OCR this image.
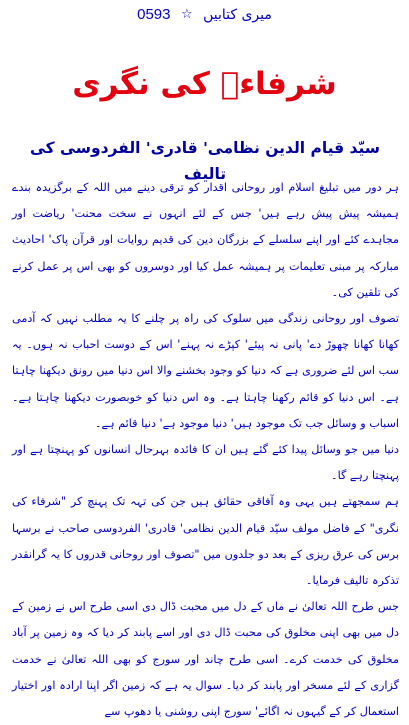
میری کتابیں ☆ 0593
شرفاءؔ کی نگری
سیّد قیام الدین نظامی' قادری' الفردوسی کی تالیف

ہر دور میں تبلیغ اسلام اور روحانی اقدار کو ترقی دینے میں اللہ کے برگزیدہ بندے ہمیشہ پیش پیش رہے ہیں' جس کے لئے انہوں نے سخت محنت' ریاضت اور مجاہدے کئے اور اپنے سلسلے کے بزرگان دین کی قدیم روایات اور قرآن پاک' احادیث مبارکہ پر مبنی تعلیمات پر ہمیشہ عمل کیا اور دوسروں کو بھی اس پر عمل کرنے کی تلقین کی۔

تصوف اور روحانی زندگی میں سلوک کی راہ پر چلنے کا یہ مطلب نہیں کہ آدمی کھانا کھانا چھوڑ دے' پانی نہ پیئے' کپڑے نہ پہنے' اس کے دوست احباب نہ ہوں۔ یہ سب اس لئے ضروری ہے کہ دنیا کو وجود بخشنے والا اس دنیا میں رونق دیکھنا چاہتا ہے۔ اس دنیا کو قائم رکھنا چاہتا ہے۔ وہ اس دنیا کو خوبصورت دیکھنا چاہتا ہے۔ اسباب و وسائل جب تک موجود ہیں' دنیا موجود ہے' دنیا قائم ہے۔

دنیا میں جو وسائل پیدا کئے گئے ہیں ان کا فائدہ بہرحال انسانوں کو پہنچتا ہے اور پہنچتا رہے گا۔

ہم سمجھتے ہیں یہی وہ آفاقی حقائق ہیں جن کی تہہ تک پہنچ کر "شرفاء کی نگری" کے فاضل مولف سیّد قیام الدین نظامی' قادری' الفردوسی صاحب نے برسہا برس کی عرق ریزی کے بعد دو جلدوں میں "تصوف اور روحانی قدروں کا یہ گرانقدر تذکرہ تالیف فرمایا۔

جس طرح اللہ تعالیٰ نے ماں کے دل میں محبت ڈال دی اسی طرح اس نے زمین کے دل میں بھی اپنی مخلوق کی محبت ڈال دی اور اسے پابند کر دیا کہ وہ زمین پر آباد مخلوق کی خدمت کرے۔ اسی طرح چاند اور سورج کو بھی اللہ تعالیٰ نے خدمت گزاری کے لئے مسخر اور پابند کر دیا۔ سوال یہ ہے کہ زمین اگر اپنا ارادہ اور اختیار استعمال کر کے گیہوں نہ اگائے' سورج اپنی روشنی یا دھوپ سے
